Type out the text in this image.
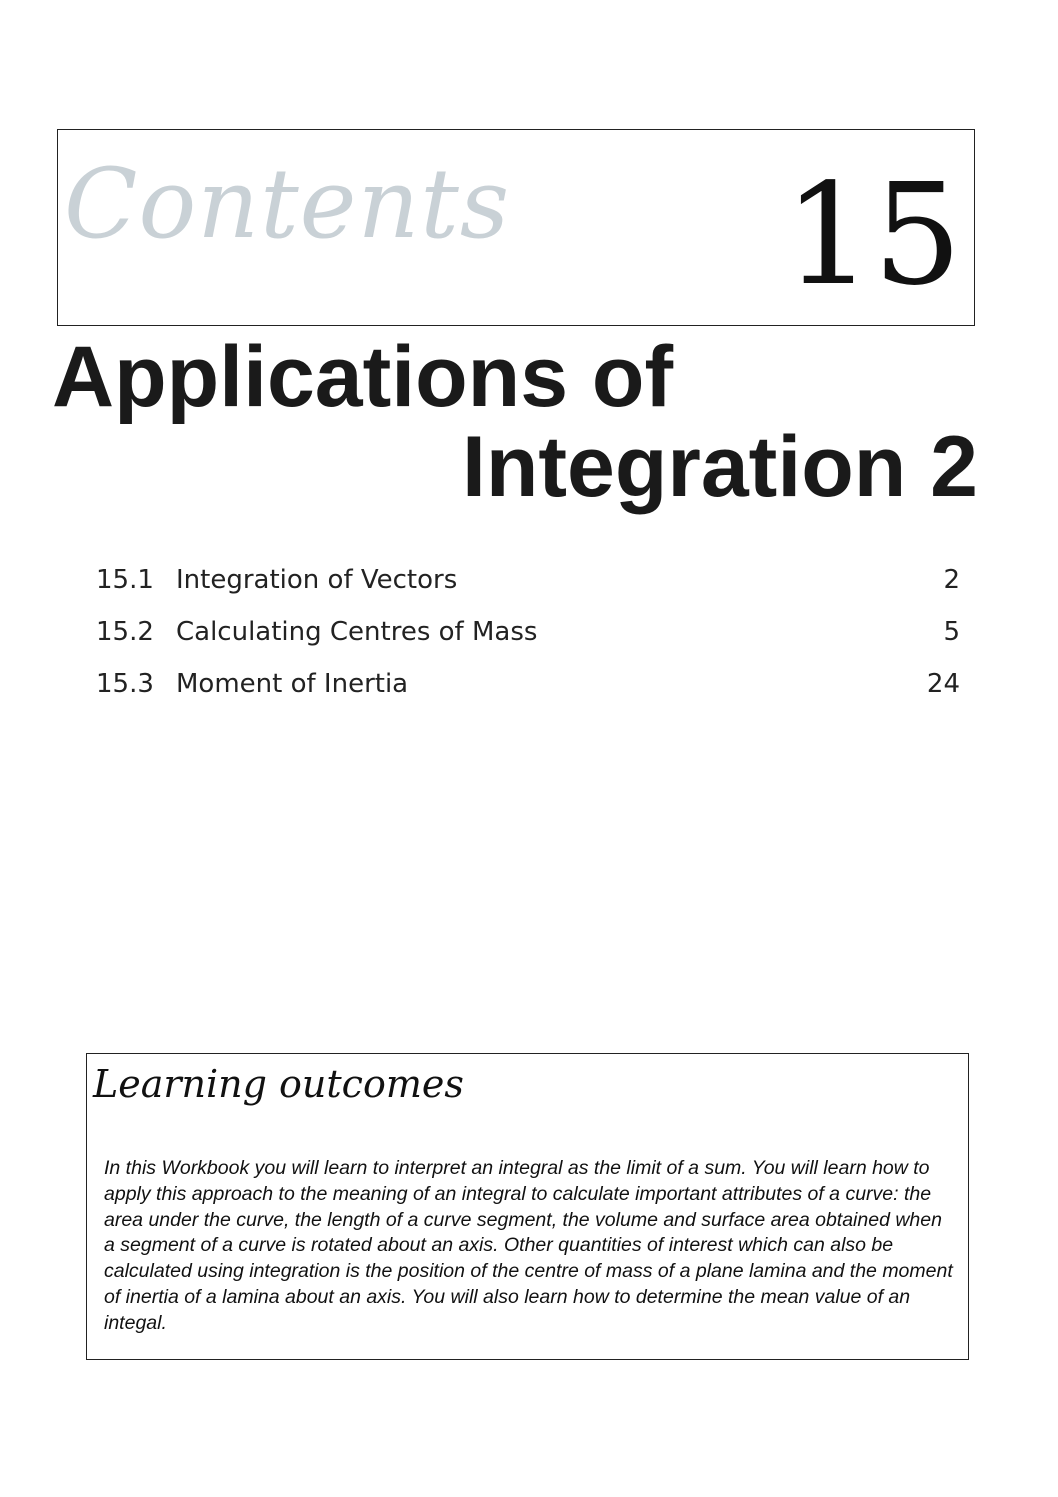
Contents 15
Applications of
Integration 2
15.1 Integration of Vectors	2
15.2 Calculating Centres of Mass	5
15.3 Moment of Inertia	24
Learning outcomes
In this Workbook you will learn to interpret an integral as the limit of a sum. You will learn how to apply this approach to the meaning of an integral to calculate important attributes of a curve: the area under the curve, the length of a curve segment, the volume and surface area obtained when a segment of a curve is rotated about an axis. Other quantities of interest which can also be calculated using integration is the position of the centre of mass of a plane lamina and the moment of inertia of a lamina about an axis. You will also learn how to determine the mean value of an integal.
